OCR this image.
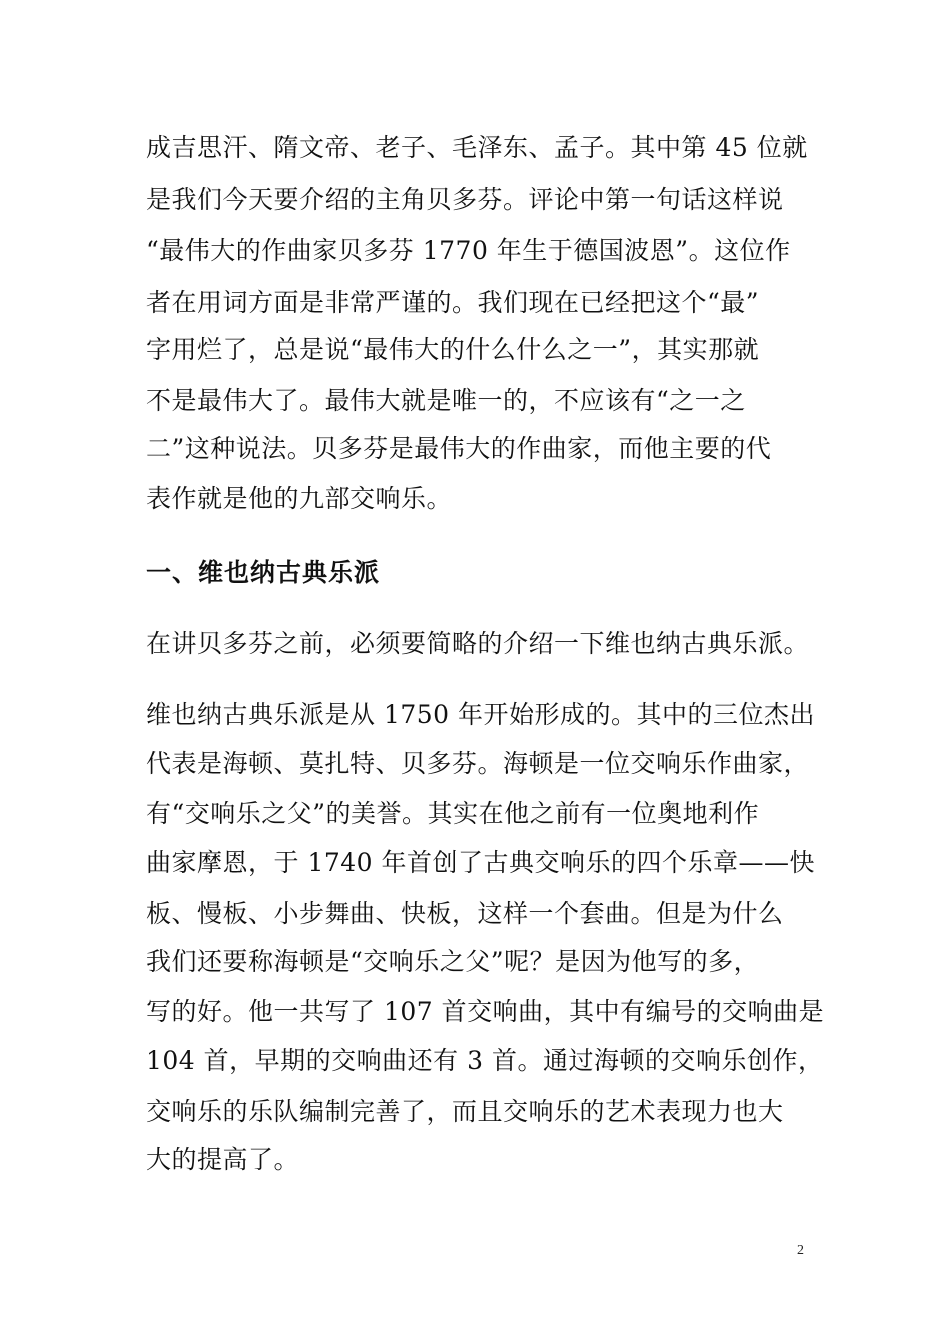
成吉思汗、隋文帝、老子、毛泽东、孟子。其中第 45 位就
是我们今天要介绍的主角贝多芬。评论中第一句话这样说
“最伟大的作曲家贝多芬 1770 年生于德国波恩”。这位作
者在用词方面是非常严谨的。我们现在已经把这个“最”
字用烂了，总是说“最伟大的什么什么之一”，其实那就
不是最伟大了。最伟大就是唯一的，不应该有“之一之
二”这种说法。贝多芬是最伟大的作曲家，而他主要的代
表作就是他的九部交响乐。
一、维也纳古典乐派
在讲贝多芬之前，必须要简略的介绍一下维也纳古典乐派。
维也纳古典乐派是从 1750 年开始形成的。其中的三位杰出
代表是海顿、莫扎特、贝多芬。海顿是一位交响乐作曲家，
有“交响乐之父”的美誉。其实在他之前有一位奥地利作
曲家摩恩，于 1740 年首创了古典交响乐的四个乐章——快
板、慢板、小步舞曲、快板，这样一个套曲。但是为什么
我们还要称海顿是“交响乐之父”呢？是因为他写的多，
写的好。他一共写了 107 首交响曲，其中有编号的交响曲是
104 首，早期的交响曲还有 3 首。通过海顿的交响乐创作，
交响乐的乐队编制完善了，而且交响乐的艺术表现力也大
大的提高了。
2
